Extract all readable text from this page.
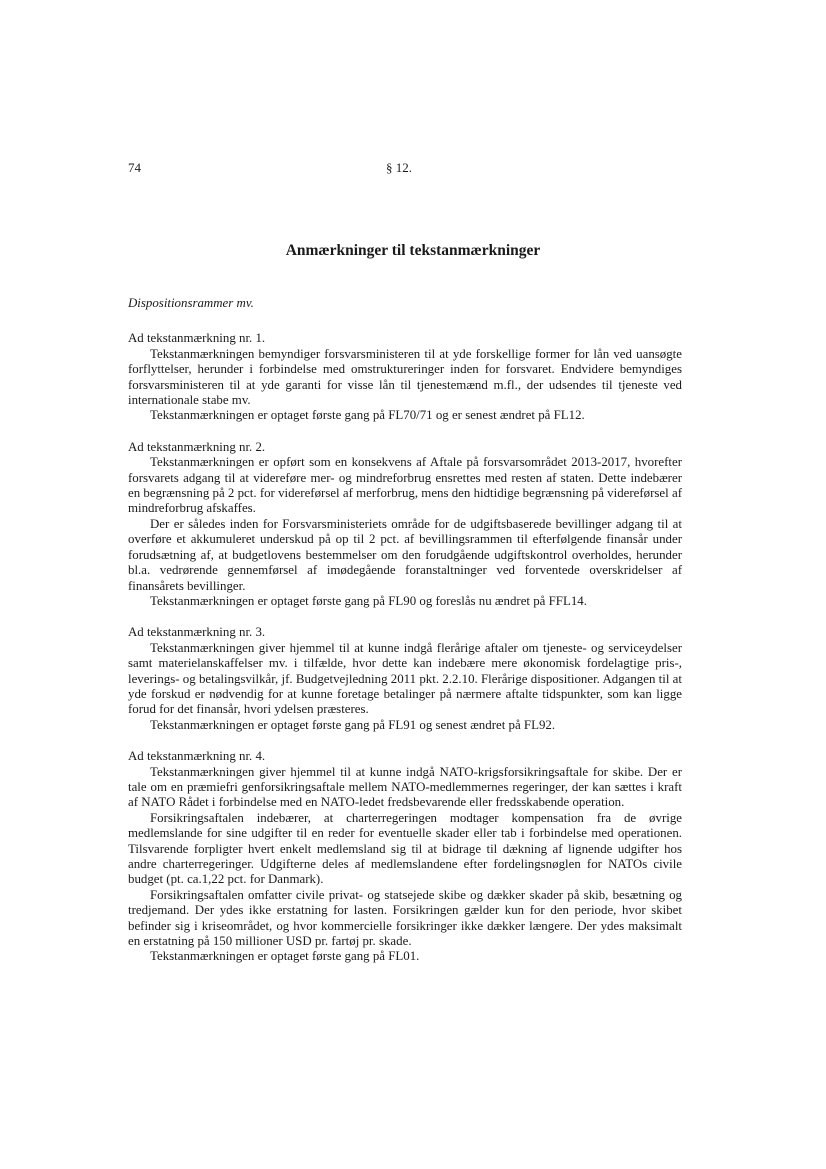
74	§ 12.
Anmærkninger til tekstanmærkninger

Dispositionsrammer mv.

Ad tekstanmærkning nr. 1.

Tekstanmærkningen bemyndiger forsvarsministeren til at yde forskellige former for lån ved uansøgte forflyttelser, herunder i forbindelse med omstruktureringer inden for forsvaret. Endvidere bemyndiges forsvarsministeren til at yde garanti for visse lån til tjenestemænd m.fl., der udsendes til tjeneste ved internationale stabe mv.

Tekstanmærkningen er optaget første gang på FL70/71 og er senest ændret på FL12.

Ad tekstanmærkning nr. 2.

Tekstanmærkningen er opført som en konsekvens af Aftale på forsvarsområdet 2013-2017, hvorefter forsvarets adgang til at videreføre mer- og mindreforbrug ensrettes med resten af staten. Dette indebærer en begrænsning på 2 pct. for videreførsel af merforbrug, mens den hidtidige begrænsning på videreførsel af mindreforbrug afskaffes.

Der er således inden for Forsvarsministeriets område for de udgiftsbaserede bevillinger adgang til at overføre et akkumuleret underskud på op til 2 pct. af bevillingsrammen til efterfølgende finansår under forudsætning af, at budgetlovens bestemmelser om den forudgående udgiftskontrol overholdes, herunder bl.a. vedrørende gennemførsel af imødegående foranstaltninger ved forventede overskridelser af finansårets bevillinger.

Tekstanmærkningen er optaget første gang på FL90 og foreslås nu ændret på FFL14.

Ad tekstanmærkning nr. 3.

Tekstanmærkningen giver hjemmel til at kunne indgå flerårige aftaler om tjeneste- og serviceydelser samt materielanskaffelser mv. i tilfælde, hvor dette kan indebære mere økonomisk fordelagtige pris-, leverings- og betalingsvilkår, jf. Budgetvejledning 2011 pkt. 2.2.10. Flerårige dispositioner. Adgangen til at yde forskud er nødvendig for at kunne foretage betalinger på nærmere aftalte tidspunkter, som kan ligge forud for det finansår, hvori ydelsen præsteres.

Tekstanmærkningen er optaget første gang på FL91 og senest ændret på FL92.

Ad tekstanmærkning nr. 4.

Tekstanmærkningen giver hjemmel til at kunne indgå NATO-krigsforsikringsaftale for skibe. Der er tale om en præmiefri genforsikringsaftale mellem NATO-medlemmernes regeringer, der kan sættes i kraft af NATO Rådet i forbindelse med en NATO-ledet fredsbevarende eller fredsskabende operation.

Forsikringsaftalen indebærer, at charterregeringen modtager kompensation fra de øvrige medlemslande for sine udgifter til en reder for eventuelle skader eller tab i forbindelse med operationen. Tilsvarende forpligter hvert enkelt medlemsland sig til at bidrage til dækning af lignende udgifter hos andre charterregeringer. Udgifterne deles af medlemslandene efter fordelingsnøglen for NATOs civile budget (pt. ca.1,22 pct. for Danmark).

Forsikringsaftalen omfatter civile privat- og statsejede skibe og dækker skader på skib, besætning og tredjemand. Der ydes ikke erstatning for lasten. Forsikringen gælder kun for den periode, hvor skibet befinder sig i kriseområdet, og hvor kommercielle forsikringer ikke dækker længere. Der ydes maksimalt en erstatning på 150 millioner USD pr. fartøj pr. skade.

Tekstanmærkningen er optaget første gang på FL01.
